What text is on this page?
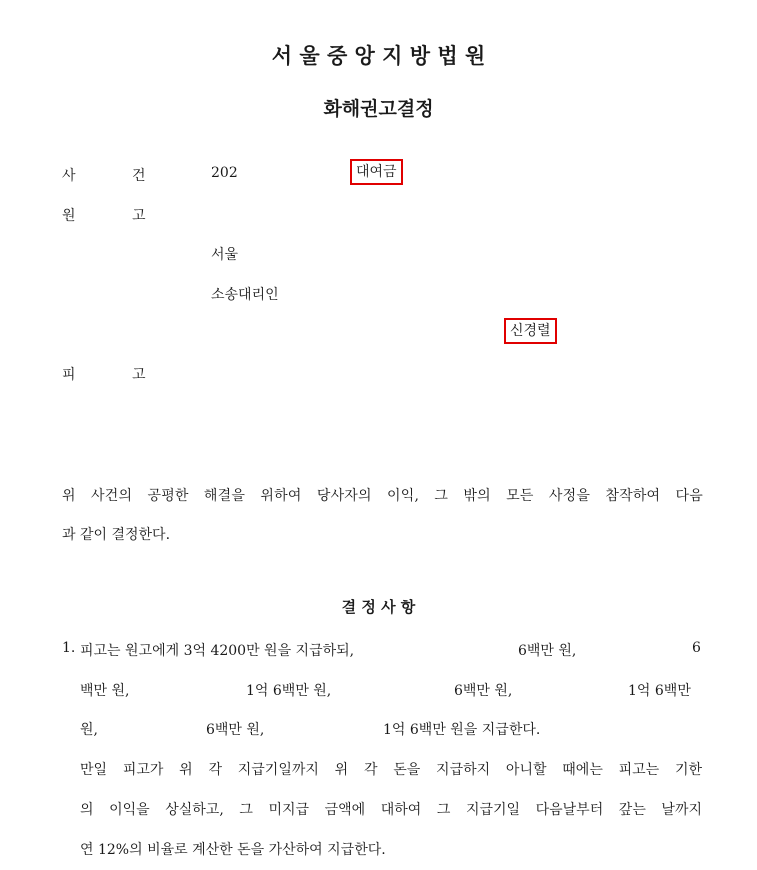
서 울 중 앙 지 방 법 원
화해권고결정
사	건	202	대여금
원	고
서울
소송대리인
신경렬
피	고
위 사건의 공평한 해결을 위하여 당사자의 이익, 그 밖의 모든 사정을 참작하여 다음
과 같이 결정한다.
결 정 사 항
1. 피고는 원고에게 3억 4200만 원을 지급하되,	6백만 원,	6
백만 원,	1억 6백만 원,	6백만 원,	1억 6백만
원,	6백만 원,	1억 6백만 원을 지급한다.
만일 피고가 위 각 지급기일까지 위 각 돈을 지급하지 아니할 때에는 피고는 기한
의 이익을 상실하고, 그 미지급 금액에 대하여 그 지급기일 다음날부터 갚는 날까지
연 12%의 비율로 계산한 돈을 가산하여 지급한다.
